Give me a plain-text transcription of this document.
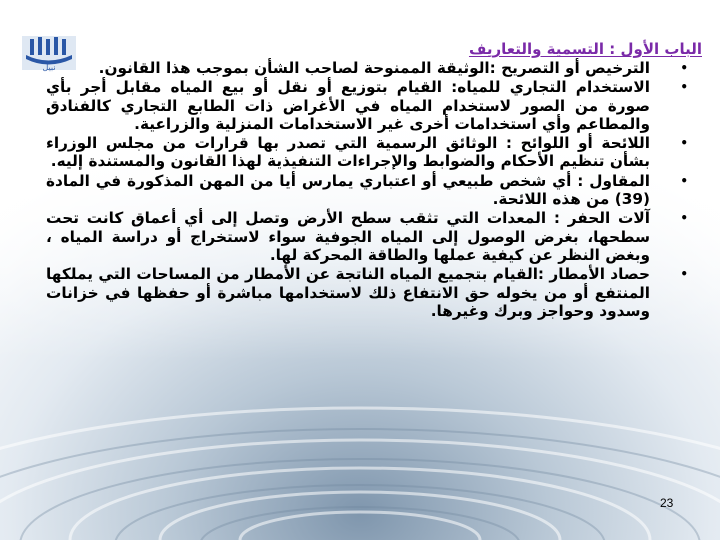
نبيل
الباب الأول : التسمية والتعاريف
•
الترخيص أو التصريح :الوثيقة الممنوحة لصاحب الشأن بموجب هذا القانون.
•
الاستخدام التجاري للمياه: القيام بتوزيع أو نقل أو بيع المياه مقابل أجر بأي صورة من الصور لاستخدام المياه في الأغراض ذات الطابع التجاري كالفنادق والمطاعم وأي استخدامات أخرى غير الاستخدامات المنزلية والزراعية.
•
اللائحة أو اللوائح : الوثائق الرسمية التي تصدر بها قرارات من مجلس الوزراء بشأن تنظيم الأحكام والضوابط والإجراءات التنفيذية لهذا القانون والمستندة إليه.
•
المقاول : أي شخص طبيعي أو اعتباري يمارس أيا من المهن المذكورة في المادة (39) من هذه اللائحة.
•
آلات الحفر : المعدات التي تثقب سطح الأرض وتصل إلى أي أعماق كانت تحت سطحها، بغرض الوصول إلى المياه الجوفية سواء لاستخراج أو دراسة المياه ، وبغض النظر عن كيفية عملها والطاقة المحركة لها.
•
حصاد الأمطار :القيام بتجميع المياه الناتجة عن الأمطار من المساحات التي يملكها المنتفع أو من يخوله حق الانتفاع ذلك لاستخدامها مباشرة أو حفظها في خزانات وسدود وحواجز وبرك وغيرها.
23
